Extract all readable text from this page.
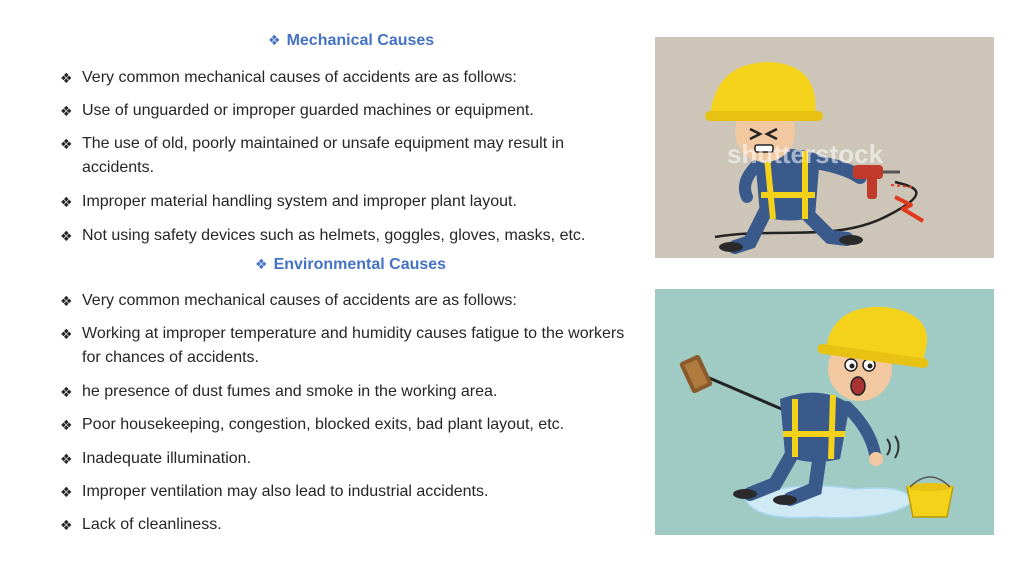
❖ Mechanical Causes
❖ Very common mechanical causes of accidents are as follows:
❖ Use of unguarded or improper guarded machines or equipment.
❖ The use of old, poorly maintained or unsafe equipment may result in accidents.
❖ Improper material handling system and improper plant layout.
❖ Not using safety devices such as helmets, goggles, gloves, masks, etc.
❖ Environmental Causes
❖ Very common mechanical causes of accidents are as follows:
❖ Working at improper temperature and humidity causes fatigue to the workers for chances of accidents.
❖ he presence of dust fumes and smoke in the working area.
❖ Poor housekeeping, congestion, blocked exits, bad plant layout, etc.
❖ Inadequate illumination.
❖ Improper ventilation may also lead to industrial accidents.
❖ Lack of cleanliness.
shutterstock
